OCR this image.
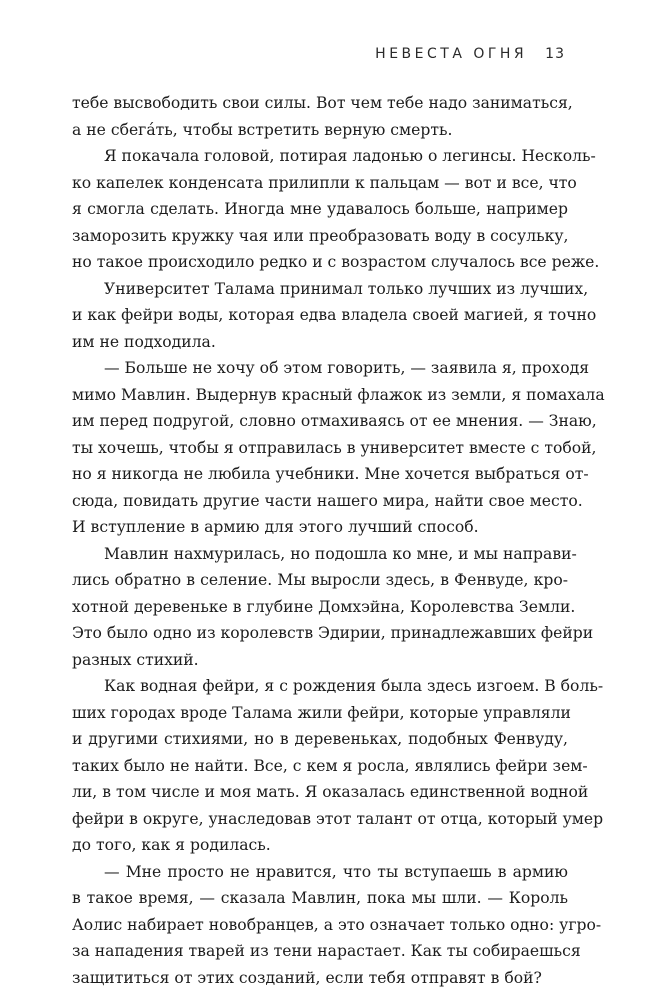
НЕВЕСТА ОГНЯ 13
тебе высвободить свои силы. Вот чем тебе надо заниматься,
а не сбега́ть, чтобы встретить верную смерть.
Я покачала головой, потирая ладонью о легинсы. Несколь-
ко капелек конденсата прилипли к пальцам — вот и все, что
я смогла сделать. Иногда мне удавалось больше, например
заморозить кружку чая или преобразовать воду в сосульку,
но такое происходило редко и с возрастом случалось все реже.
Университет Талама принимал только лучших из лучших,
и как фейри воды, которая едва владела своей магией, я точно
им не подходила.
— Больше не хочу об этом говорить, — заявила я, проходя
мимо Мавлин. Выдернув красный флажок из земли, я помахала
им перед подругой, словно отмахиваясь от ее мнения. — Знаю,
ты хочешь, чтобы я отправилась в университет вместе с тобой,
но я никогда не любила учебники. Мне хочется выбраться от-
сюда, повидать другие части нашего мира, найти свое место.
И вступление в армию для этого лучший способ.
Мавлин нахмурилась, но подошла ко мне, и мы направи-
лись обратно в селение. Мы выросли здесь, в Фенвуде, кро-
хотной деревеньке в глубине Домхэйна, Королевства Земли.
Это было одно из королевств Эдирии, принадлежавших фейри
разных стихий.
Как водная фейри, я с рождения была здесь изгоем. В боль-
ших городах вроде Талама жили фейри, которые управляли
и другими стихиями, но в деревеньках, подобных Фенвуду,
таких было не найти. Все, с кем я росла, являлись фейри зем-
ли, в том числе и моя мать. Я оказалась единственной водной
фейри в округе, унаследовав этот талант от отца, который умер
до того, как я родилась.
— Мне просто не нравится, что ты вступаешь в армию
в такое время, — сказала Мавлин, пока мы шли. — Король
Аолис набирает новобранцев, а это означает только одно: угро-
за нападения тварей из тени нарастает. Как ты собираешься
защититься от этих созданий, если тебя отправят в бой?
